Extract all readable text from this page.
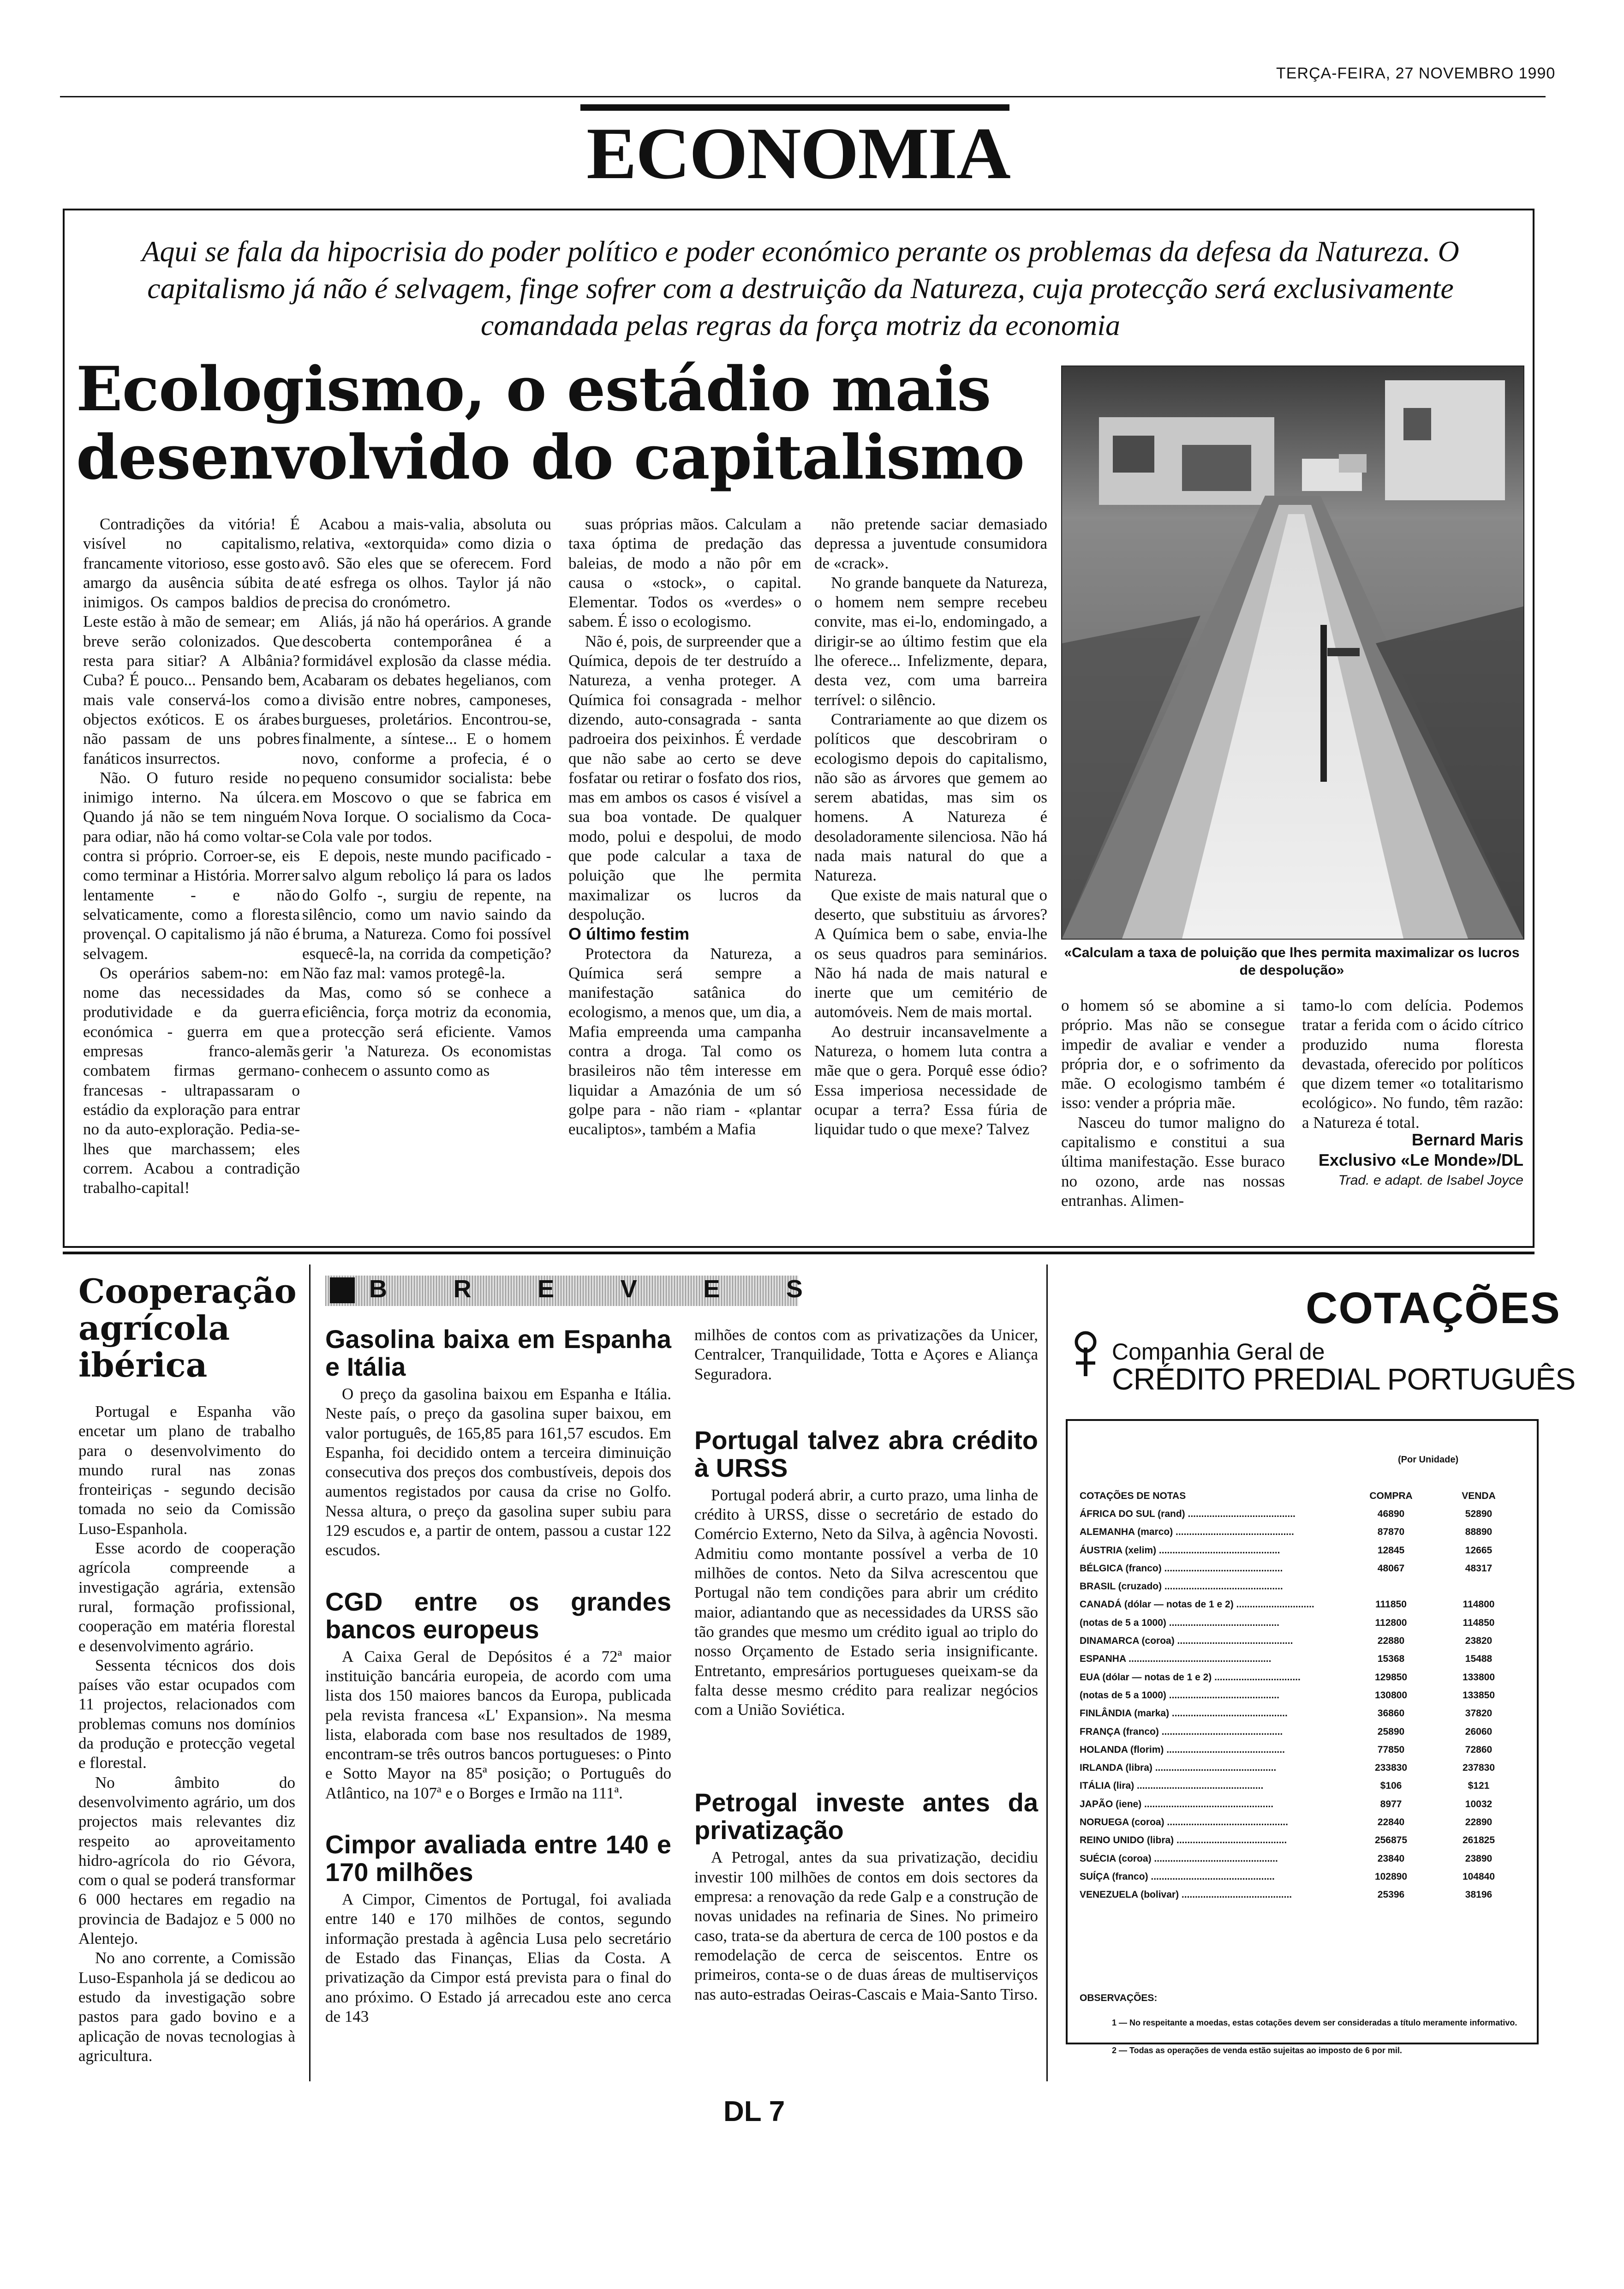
TERÇA-FEIRA, 27 NOVEMBRO 1990
ECONOMIA
Aqui se fala da hipocrisia do poder político e poder económico perante os problemas da defesa da Natureza. O capitalismo já não é selvagem, finge sofrer com a destruição da Natureza, cuja protecção será exclusivamente comandada pelas regras da força motriz da economia
Ecologismo, o estádio mais desenvolvido do capitalismo

Contradições da vitória! É visível no capitalismo, francamente vitorioso, esse gosto amargo da ausência súbita de inimigos. Os campos baldios de Leste estão à mão de semear; em breve serão colonizados. Que resta para sitiar? A Albânia? Cuba? É pouco... Pensando bem, mais vale conservá-los como objectos exóticos. E os árabes não passam de uns pobres fanáticos insurrectos.

Não. O futuro reside no inimigo interno. Na úlcera. Quando já não se tem ninguém para odiar, não há como voltar-se contra si próprio. Corroer-se, eis como terminar a História. Morrer lentamente - e não selvaticamente, como a floresta provençal. O capitalismo já não é selvagem.

Os operários sabem-no: em nome das necessidades da produtividade e da guerra económica - guerra em que empresas franco-alemãs combatem firmas germano-francesas - ultrapassaram o estádio da exploração para entrar no da auto-exploração. Pedia-se-lhes que marchassem; eles correm. Acabou a contradição trabalho-capital!

Acabou a mais-valia, absoluta ou relativa, «extorquida» como dizia o avô. São eles que se oferecem. Ford até esfrega os olhos. Taylor já não precisa do cronómetro.

Aliás, já não há operários. A grande descoberta contemporânea é a formidável explosão da classe média. Acabaram os debates hegelianos, com a divisão entre nobres, camponeses, burgueses, proletários. Encontrou-se, finalmente, a síntese... E o homem novo, conforme a profecia, é o pequeno consumidor socialista: bebe em Moscovo o que se fabrica em Nova Iorque. O socialismo da Coca-Cola vale por todos.

E depois, neste mundo pacificado - salvo algum reboliço lá para os lados do Golfo -, surgiu de repente, na silêncio, como um navio saindo da bruma, a Natureza. Como foi possível esquecê-la, na corrida da competição? Não faz mal: vamos protegê-la.

Mas, como só se conhece a eficiência, força motriz da economia, a protecção será eficiente. Vamos gerir 'a Natureza. Os economistas conhecem o assunto como as

suas próprias mãos. Calculam a taxa óptima de predação das baleias, de modo a não pôr em causa o «stock», o capital. Elementar. Todos os «verdes» o sabem. É isso o ecologismo.

Não é, pois, de surpreender que a Química, depois de ter destruído a Natureza, a venha proteger. A Química foi consagrada - melhor dizendo, auto-consagrada - santa padroeira dos peixinhos. É verdade que não sabe ao certo se deve fosfatar ou retirar o fosfato dos rios, mas em ambos os casos é visível a sua boa vontade. De qualquer modo, polui e despolui, de modo que pode calcular a taxa de poluição que lhe permita maximalizar os lucros da despolução.

O último festim

Protectora da Natureza, a Química será sempre a manifestação satânica do ecologismo, a menos que, um dia, a Mafia empreenda uma campanha contra a droga. Tal como os brasileiros não têm interesse em liquidar a Amazónia de um só golpe para - não riam - «plantar eucaliptos», também a Mafia

não pretende saciar demasiado depressa a juventude consumidora de «crack».

No grande banquete da Natureza, o homem nem sempre recebeu convite, mas ei-lo, endomingado, a dirigir-se ao último festim que ela lhe oferece... Infelizmente, depara, desta vez, com uma barreira terrível: o silêncio.

Contrariamente ao que dizem os políticos que descobriram o ecologismo depois do capitalismo, não são as árvores que gemem ao serem abatidas, mas sim os homens. A Natureza é desoladoramente silenciosa. Não há nada mais natural do que a Natureza.

Que existe de mais natural que o deserto, que substituiu as árvores? A Química bem o sabe, envia-lhe os seus quadros para seminários. Não há nada de mais natural e inerte que um cemitério de automóveis. Nem de mais mortal.

Ao destruir incansavelmente a Natureza, o homem luta contra a mãe que o gera. Porquê esse ódio? Essa imperiosa necessidade de ocupar a terra? Essa fúria de liquidar tudo o que mexe? Talvez

«Calculam a taxa de poluição que lhes permita maximalizar os lucros de despolução»

o homem só se abomine a si próprio. Mas não se consegue impedir de avaliar e vender a própria dor, e o sofrimento da mãe. O ecologismo também é isso: vender a própria mãe.

Nasceu do tumor maligno do capitalismo e constitui a sua última manifestação. Esse buraco no ozono, arde nas nossas entranhas. Alimen-

tamo-lo com delícia. Podemos tratar a ferida com o ácido cítrico produzido numa floresta devastada, oferecido por políticos que dizem temer «o totalitarismo ecológico». No fundo, têm razão: a Natureza é total.

Bernard Maris
Exclusivo «Le Monde»/DL
Trad. e adapt. de Isabel Joyce
Cooperação agrícola ibérica

Portugal e Espanha vão encetar um plano de trabalho para o desenvolvimento do mundo rural nas zonas fronteiriças - segundo decisão tomada no seio da Comissão Luso-Espanhola.

Esse acordo de cooperação agrícola compreende a investigação agrária, extensão rural, formação profissional, cooperação em matéria florestal e desenvolvimento agrário.

Sessenta técnicos dos dois países vão estar ocupados com 11 projectos, relacionados com problemas comuns nos domínios da produção e protecção vegetal e florestal.

No âmbito do desenvolvimento agrário, um dos projectos mais relevantes diz respeito ao aproveitamento hidro-agrícola do rio Gévora, com o qual se poderá transformar 6 000 hectares em regadio na provincia de Badajoz e 5 000 no Alentejo.

No ano corrente, a Comissão Luso-Espanhola já se dedicou ao estudo da investigação sobre pastos para gado bovino e a aplicação de novas tecnologias à agricultura.

B	R	E	V	E	S
Gasolina baixa em Espanha e Itália

O preço da gasolina baixou em Espanha e Itália. Neste país, o preço da gasolina super baixou, em valor português, de 165,85 para 161,57 escudos. Em Espanha, foi decidido ontem a terceira diminuição consecutiva dos preços dos combustíveis, depois dos aumentos registados por causa da crise no Golfo. Nessa altura, o preço da gasolina super subiu para 129 escudos e, a partir de ontem, passou a custar 122 escudos.

CGD entre os grandes bancos europeus

A Caixa Geral de Depósitos é a 72ª maior instituição bancária europeia, de acordo com uma lista dos 150 maiores bancos da Europa, publicada pela revista francesa «L' Expansion». Na mesma lista, elaborada com base nos resultados de 1989, encontram-se três outros bancos portugueses: o Pinto e Sotto Mayor na 85ª posição; o Português do Atlântico, na 107ª e o Borges e Irmão na 111ª.

Cimpor avaliada entre 140 e 170 milhões

A Cimpor, Cimentos de Portugal, foi avaliada entre 140 e 170 milhões de contos, segundo informação prestada à agência Lusa pelo secretário de Estado das Finanças, Elias da Costa. A privatização da Cimpor está prevista para o final do ano próximo. O Estado já arrecadou este ano cerca de 143

milhões de contos com as privatizações da Unicer, Centralcer, Tranquilidade, Totta e Açores e Aliança Seguradora.

Portugal talvez abra crédito à URSS

Portugal poderá abrir, a curto prazo, uma linha de crédito à URSS, disse o secretário de estado do Comércio Externo, Neto da Silva, à agência Novosti. Admitiu como montante possível a verba de 10 milhões de contos. Neto da Silva acrescentou que Portugal não tem condições para abrir um crédito maior, adiantando que as necessidades da URSS são tão grandes que mesmo um crédito igual ao triplo do nosso Orçamento de Estado seria insignificante. Entretanto, empresários portugueses queixam-se da falta desse mesmo crédito para realizar negócios com a União Soviética.

Petrogal investe antes da privatização

A Petrogal, antes da sua privatização, decidiu investir 100 milhões de contos em dois sectores da empresa: a renovação da rede Galp e a construção de novas unidades na refinaria de Sines. No primeiro caso, trata-se da abertura de cerca de 100 postos e da remodelação de cerca de seiscentos. Entre os primeiros, conta-se o de duas áreas de multiserviços nas auto-estradas Oeiras-Cascais e Maia-Santo Tirso.

COTAÇÕES
Companhia Geral de
CRÉDITO PREDIAL PORTUGUÊS
(Por Unidade)
COTAÇÕES DE NOTAS	COMPRA	VENDA
ÁFRICA DO SUL (rand) ........................................	46890	52890
ALEMANHA (marco) ............................................	87870	88890
ÁUSTRIA (xelim) .............................................	12845	12665
BÉLGICA (franco) ............................................	48067	48317
BRASIL (cruzado) ............................................		
CANADÁ (dólar — notas de 1 e 2) .............................	111850	114800
(notas de 5 a 1000) .........................................	112800	114850
DINAMARCA (coroa) ...........................................	22880	23820
ESPANHA .....................................................	15368	15488
EUA (dólar — notas de 1 e 2) ................................	129850	133800
(notas de 5 a 1000) .........................................	130800	133850
FINLÂNDIA (marka) ...........................................	36860	37820
FRANÇA (franco) .............................................	25890	26060
HOLANDA (florim) ............................................	77850	72860
IRLANDA (libra) .............................................	233830	237830
ITÁLIA (lira) ...............................................	$106	$121
JAPÃO (iene) ................................................	8977	10032
NORUEGA (coroa) .............................................	22840	22890
REINO UNIDO (libra) .........................................	256875	261825
SUÉCIA (coroa) ..............................................	23840	23890
SUÍÇA (franco) ..............................................	102890	104840
VENEZUELA (bolivar) .........................................	25396	38196
OBSERVAÇÕES:
1 — No respeitante a moedas, estas cotações devem ser consideradas a título meramente informativo.
2 — Todas as operações de venda estão sujeitas ao imposto de 6 por mil.
DL 7
